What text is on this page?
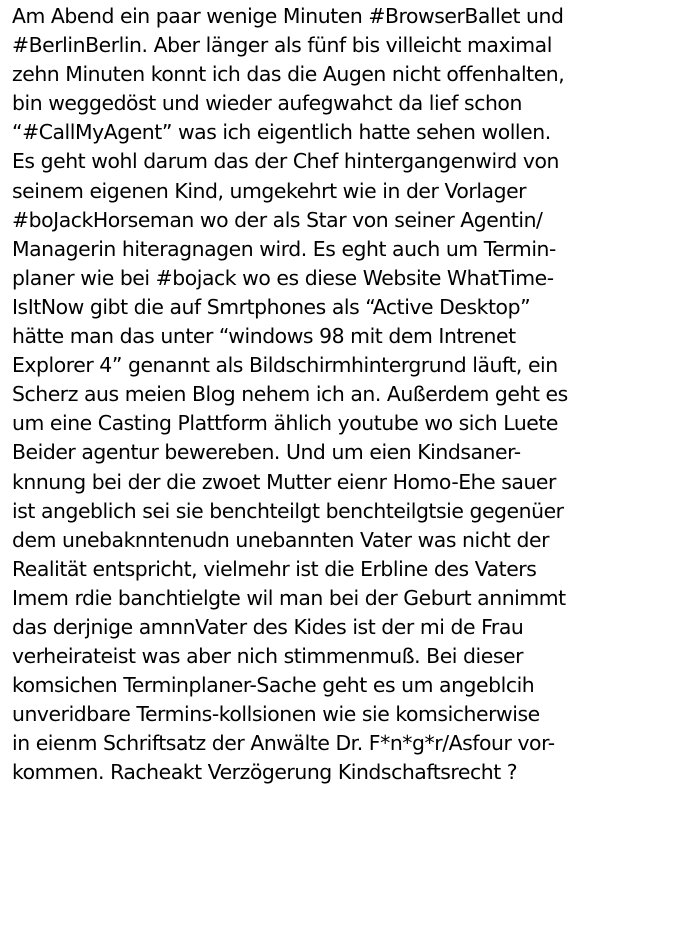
Am Abend ein paar wenige Minuten #BrowserBallet und
#BerlinBerlin. Aber länger als fünf bis villeicht maximal
zehn Minuten konnt ich das die Augen nicht offenhalten,
bin weggedöst und wieder aufegwahct da lief schon
“#CallMyAgent” was ich eigentlich hatte sehen wollen.
Es geht wohl darum das der Chef hintergangenwird von
seinem eigenen Kind, umgekehrt wie in der Vorlager
#boJackHorseman wo der als Star von seiner Agentin/
Managerin hiteragnagen wird. Es eght auch um Termin-
planer wie bei #bojack wo es diese Website WhatTime-
IsItNow gibt die auf Smrtphones als “Active Desktop”
hätte man das unter “windows 98 mit dem Intrenet
Explorer 4” genannt als Bildschirmhintergrund läuft, ein
Scherz aus meien Blog nehem ich an. Außerdem geht es
um eine Casting Plattform ählich youtube wo sich Luete
Beider agentur bewereben. Und um eien Kindsaner-
knnung bei der die zwoet Mutter eienr Homo-Ehe sauer
ist angeblich sei sie benchteilgt benchteilgtsie gegenüer
dem unebaknntenudn unebannten Vater was nicht der
Realität entspricht, vielmehr ist die Erbline des Vaters
Imem rdie banchtielgte wil man bei der Geburt annimmt
das derjnige amnnVater des Kides ist der mi de Frau
verheirateist was aber nich stimmenmuß. Bei dieser
komsichen Terminplaner-Sache geht es um angeblcih
unveridbare Termins-kollsionen wie sie komsicherwise
in eienm Schriftsatz der Anwälte Dr. F*n*g*r/Asfour vor-
kommen. Racheakt Verzögerung Kindschaftsrecht ?
